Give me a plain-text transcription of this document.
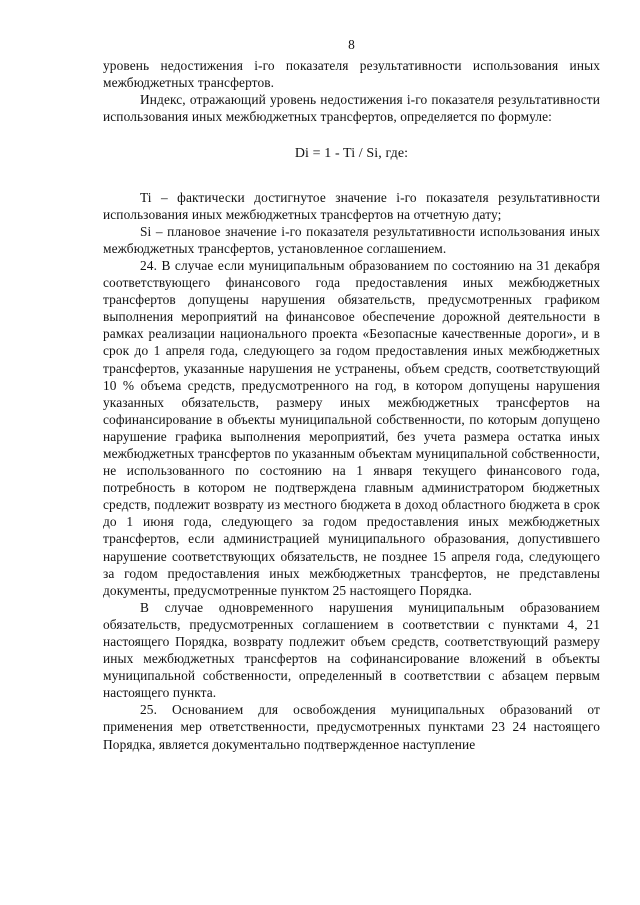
8

уровень недостижения i-го показателя результативности использования иных межбюджетных трансфертов.

Индекс, отражающий уровень недостижения i-го показателя результативности использования иных межбюджетных трансфертов, определяется по формуле:

Di = 1 - Ti / Si, где:

Ti – фактически достигнутое значение i-го показателя результативности использования иных межбюджетных трансфертов на отчетную дату;

Si – плановое значение i-го показателя результативности использования иных межбюджетных трансфертов, установленное соглашением.

24. В случае если муниципальным образованием по состоянию на 31 декабря соответствующего финансового года предоставления иных межбюджетных трансфертов допущены нарушения обязательств, предусмотренных графиком выполнения мероприятий на финансовое обеспечение дорожной деятельности в рамках реализации национального проекта «Безопасные качественные дороги», и в срок до 1 апреля года, следующего за годом предоставления иных межбюджетных трансфертов, указанные нарушения не устранены, объем средств, соответствующий 10 % объема средств, предусмотренного на год, в котором допущены нарушения указанных обязательств, размеру иных межбюджетных трансфертов на софинансирование в объекты муниципальной собственности, по которым допущено нарушение графика выполнения мероприятий, без учета размера остатка иных межбюджетных трансфертов по указанным объектам муниципальной собственности, не использованного по состоянию на 1 января текущего финансового года, потребность в котором не подтверждена главным администратором бюджетных средств, подлежит возврату из местного бюджета в доход областного бюджета в срок до 1 июня года, следующего за годом предоставления иных межбюджетных трансфертов, если администрацией муниципального образования, допустившего нарушение соответствующих обязательств, не позднее 15 апреля года, следующего за годом предоставления иных межбюджетных трансфертов, не представлены документы, предусмотренные пунктом 25 настоящего Порядка.

В случае одновременного нарушения муниципальным образованием обязательств, предусмотренных соглашением в соответствии с пунктами 4, 21 настоящего Порядка, возврату подлежит объем средств, соответствующий размеру иных межбюджетных трансфертов на софинансирование вложений в объекты муниципальной собственности, определенный в соответствии с абзацем первым настоящего пункта.

25. Основанием для освобождения муниципальных образований от применения мер ответственности, предусмотренных пунктами 23 24 настоящего Порядка, является документально подтвержденное наступление
